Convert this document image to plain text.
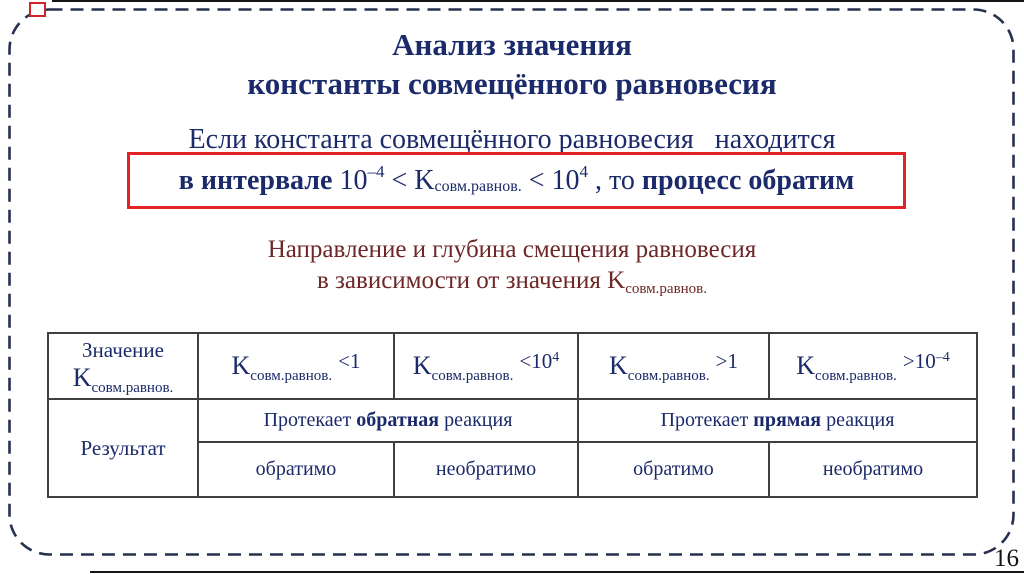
Анализ значения
константы совмещённого равновесия
Если константа совмещённого равновесия   находится
в интервале 10 –4 < K совм.равнов. < 10 4 , то процесс обратим
Направление и глубина смещения равновесия
в зависимости от значения $K_{совм.равнов.}$
Значение
Kсовм.равнов.	Kсовм.равнов.<1	Kсовм.равнов.<104	Kсовм.равнов.>1	Kсовм.равнов.>10–4
Результат	Протекает обратная реакция		Протекает прямая реакция	
	обратимо	необратимо	обратимо	необратимо
16
